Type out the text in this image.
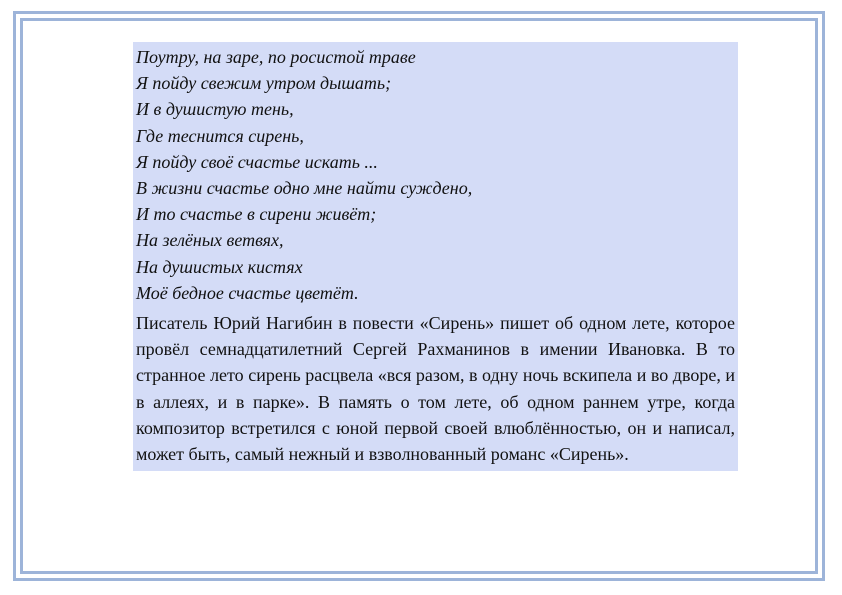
Поутру, на заре, по росистой траве
Я пойду свежим утром дышать;
И в душистую тень,
Где теснится сирень,
Я пойду своё счастье искать ...
В жизни счастье одно мне найти суждено,
И то счастье в сирени живёт;
На зелёных ветвях,
На душистых кистях
Моё бедное счастье цветёт.
Писатель Юрий Нагибин в повести «Сирень» пишет об одном лете, которое провёл семнадцатилетний Сергей Рахманинов в имении Ивановка. В то странное лето сирень расцвела «вся разом, в одну ночь вскипела и во дворе, и в аллеях, и в парке». В память о том лете, об одном раннем утре, когда композитор встретился с юной первой своей влюблённостью, он и написал, может быть, самый нежный и взволнованный романс «Сирень».
